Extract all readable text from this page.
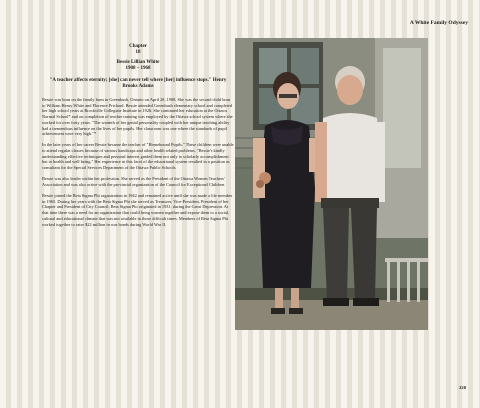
A White Family Odyssey
Chapter
18
Bessie Lillian White
1908 – 1968
"A teacher affects eternity; [she] can never tell where [her] influence stops." Henry Brooks Adams

Bessie was born on the family farm in Greenbush, Ontario on April 28, 1908. She was the second child born to William Henry White and Florence Prichard. Bessie attended Greenbush elementary school and completed her high school years at Brockville Collegiate Institute in 1926. She continued her education at the Ottawa Normal School* and on completion of teacher training was employed by the Ottawa school system where she worked for over forty years. "The warmth of her genial personality coupled with her unique teaching ability had a tremendous influence on the lives of her pupils. Her classroom was one where the standards of pupil achievement were very high."*

In the later years of her career Bessie became the teacher of "Homebound Pupils." These children were unable to attend regular classes because of various handicaps and other health related problems. "Bessie's kindly understanding effective techniques and personal interest guided them not only to scholarly accomplishment but to health and well being." Her experience in this facet of the educational system resulted in a position as consultant for the Special Services Department of the Ottawa Public Schools.

Bessie was also leader within her profession. She served as the President of the Ottawa Women Teachers' Association and was also active with the provincial organization of the Council for Exceptional Children.

Bessie joined the Beta Sigma Phi organization in 1942 and remained active until she was made a life member in 1965. During her years with the Beta Sigma Phi she served as Treasurer, Vice-President, President of her Chapter and President of City Council. Beta Sigma Phi originated in 1931, during the Great Depression. At that time there was a need for an organization that could bring women together and expose them to a social, cultural and educational climate that was not available in those difficult times. Members of Beta Sigma Phi worked together to raise $22 million in war bonds during World War II.

220
